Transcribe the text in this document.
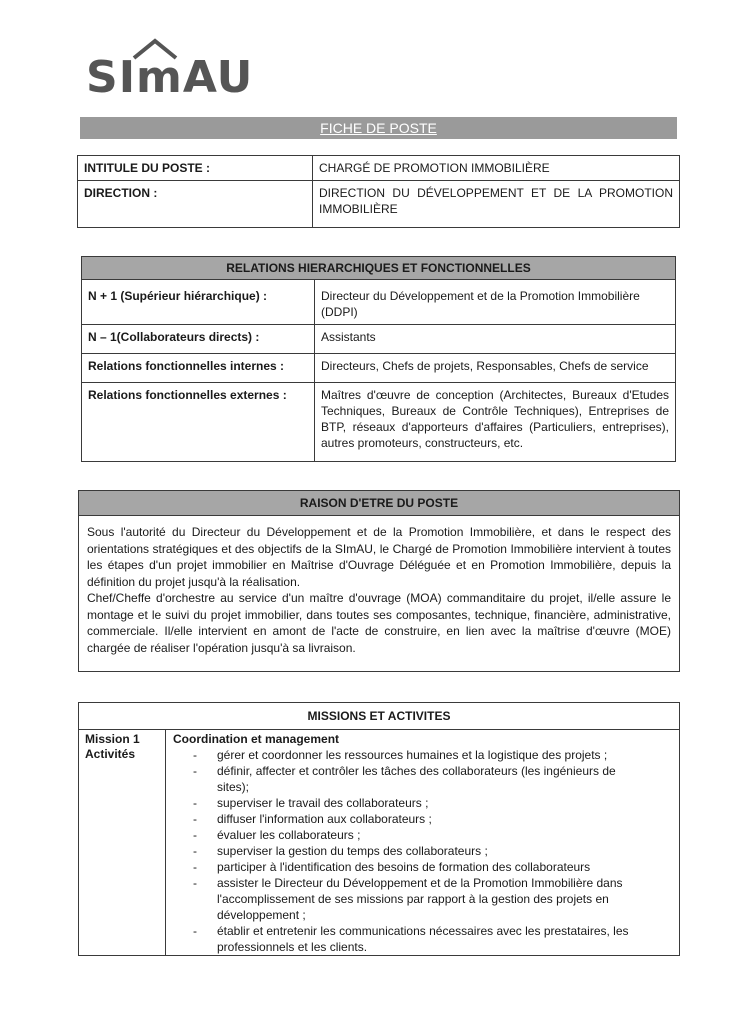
SImAU
FICHE DE POSTE
INTITULE DU POSTE :	CHARGÉ DE PROMOTION IMMOBILIÈRE
DIRECTION :	DIRECTION DU DÉVELOPPEMENT ET DE LA PROMOTION IMMOBILIÈRE
RELATIONS HIERARCHIQUES ET FONCTIONNELLES	
N + 1 (Supérieur hiérarchique) :	Directeur du Développement et de la Promotion Immobilière (DDPI)
N – 1(Collaborateurs directs) :	Assistants
Relations fonctionnelles internes :	Directeurs, Chefs de projets, Responsables, Chefs de service
Relations fonctionnelles externes :	Maîtres d'œuvre de conception (Architectes, Bureaux d'Etudes Techniques, Bureaux de Contrôle Techniques), Entreprises de BTP, réseaux d'apporteurs d'affaires (Particuliers, entreprises), autres promoteurs, constructeurs, etc.
RAISON D'ETRE DU POSTE

Sous l'autorité du Directeur du Développement et de la Promotion Immobilière, et dans le respect des orientations stratégiques et des objectifs de la SImAU, le Chargé de Promotion Immobilière intervient à toutes les étapes d'un projet immobilier en Maîtrise d'Ouvrage Déléguée et en Promotion Immobilière, depuis la définition du projet jusqu'à la réalisation.

Chef/Cheffe d'orchestre au service d'un maître d'ouvrage (MOA) commanditaire du projet, il/elle assure le montage et le suivi du projet immobilier, dans toutes ses composantes, technique, financière, administrative, commerciale. Il/elle intervient en amont de l'acte de construire, en lien avec la maîtrise d'œuvre (MOE) chargée de réaliser l'opération jusqu'à sa livraison.

MISSIONS ET ACTIVITES
Mission 1	Coordination et management
Activités	- gérer et coordonner les ressources humaines et la logistique des projets ;
- définir, affecter et contrôler les tâches des collaborateurs (les ingénieurs de sites);
- superviser le travail des collaborateurs ;
- diffuser l'information aux collaborateurs ;
- évaluer les collaborateurs ;
- superviser la gestion du temps des collaborateurs ;
- participer à l'identification des besoins de formation des collaborateurs
- assister le Directeur du Développement et de la Promotion Immobilière dans l'accomplissement de ses missions par rapport à la gestion des projets en développement ;
- établir et entretenir les communications nécessaires avec les prestataires, les professionnels et les clients.
